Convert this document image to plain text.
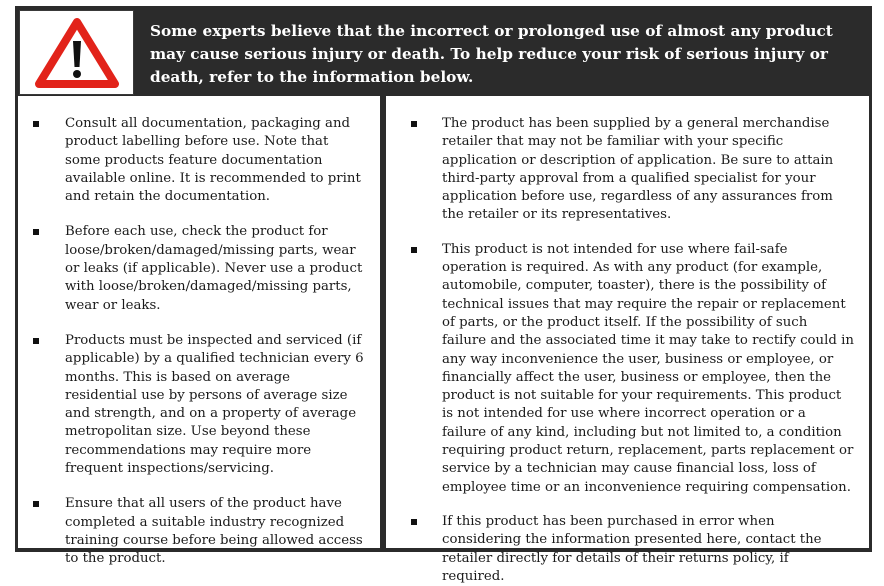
Some experts believe that the incorrect or prolonged use of almost any product may cause serious injury or death. To help reduce your risk of serious injury or death, refer to the information below.
Consult all documentation, packaging and product labelling before use. Note that some products feature documentation available online. It is recommended to print and retain the documentation.
Before each use, check the product for loose/broken/damaged/missing parts, wear or leaks (if applicable). Never use a product with loose/broken/damaged/missing parts, wear or leaks.
Products must be inspected and serviced (if applicable) by a qualified technician every 6 months. This is based on average residential use by persons of average size and strength, and on a property of average metropolitan size. Use beyond these recommendations may require more frequent inspections/servicing.
Ensure that all users of the product have completed a suitable industry recognized training course before being allowed access to the product.
The product has been supplied by a general merchandise retailer that may not be familiar with your specific application or description of application. Be sure to attain third-party approval from a qualified specialist for your application before use, regardless of any assurances from the retailer or its representatives.
This product is not intended for use where fail-safe operation is required. As with any product (for example, automobile, computer, toaster), there is the possibility of technical issues that may require the repair or replacement of parts, or the product itself. If the possibility of such failure and the associated time it may take to rectify could in any way inconvenience the user, business or employee, or financially affect the user, business or employee, then the product is not suitable for your requirements. This product is not intended for use where incorrect operation or a failure of any kind, including but not limited to, a condition requiring product return, replacement, parts replacement or service by a technician may cause financial loss, loss of employee time or an inconvenience requiring compensation.
If this product has been purchased in error when considering the information presented here, contact the retailer directly for details of their returns policy, if required.
